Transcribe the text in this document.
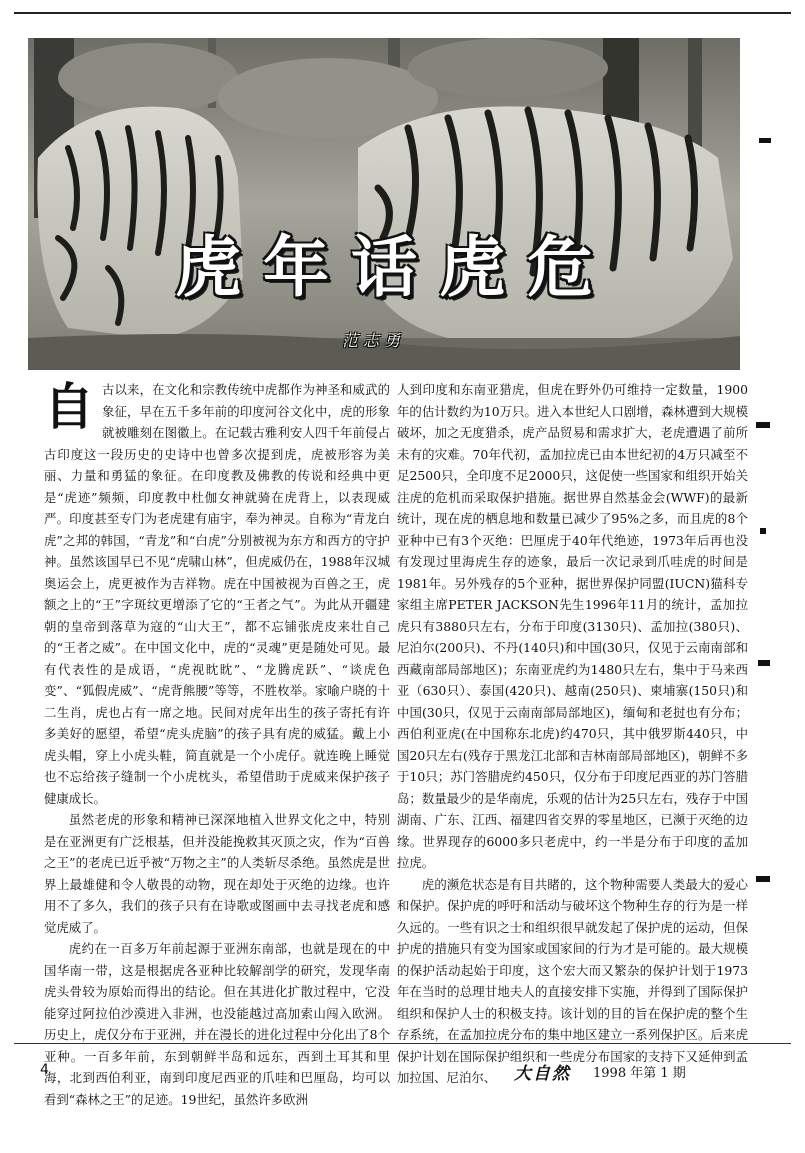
虎年话虎危
范志勇

自古以来，在文化和宗教传统中虎都作为神圣和威武的象征，早在五千多年前的印度河谷文化中，虎的形象就被雕刻在图徽上。在记载古雅利安人四千年前侵占古印度这一段历史的史诗中也曾多次提到虎，虎被形容为美丽、力量和勇猛的象征。在印度教及佛教的传说和经典中更是“虎迹”频频，印度教中杜伽女神就骑在虎背上，以表现威严。印度甚至专门为老虎建有庙宇，奉为神灵。自称为“青龙白虎”之邦的韩国，“青龙”和“白虎”分别被视为东方和西方的守护神。虽然该国早已不见“虎啸山林”，但虎威仍在，1988年汉城奥运会上，虎更被作为吉祥物。虎在中国被视为百兽之王，虎额之上的“王”字斑纹更增添了它的“王者之气”。为此从开疆建朝的皇帝到落草为寇的“山大王”，都不忘铺张虎皮来壮自己的“王者之威”。在中国文化中，虎的“灵魂”更是随处可见。最有代表性的是成语，“虎视眈眈”、“龙腾虎跃”、“谈虎色变”、“狐假虎威”、“虎背熊腰”等等，不胜枚举。家喻户晓的十二生肖，虎也占有一席之地。民间对虎年出生的孩子寄托有许多美好的愿望，希望“虎头虎脑”的孩子具有虎的威猛。戴上小虎头帽，穿上小虎头鞋，简直就是一个小虎仔。就连晚上睡觉也不忘给孩子缝制一个小虎枕头，希望借助于虎威来保护孩子健康成长。

虽然老虎的形象和精神已深深地植入世界文化之中，特别是在亚洲更有广泛根基，但并没能挽救其灭顶之灾，作为“百兽之王”的老虎已近乎被“万物之主”的人类斩尽杀绝。虽然虎是世界上最雄健和令人敬畏的动物，现在却处于灭绝的边缘。也许用不了多久，我们的孩子只有在诗歌或图画中去寻找老虎和感觉虎威了。

虎约在一百多万年前起源于亚洲东南部，也就是现在的中国华南一带，这是根据虎各亚种比较解剖学的研究，发现华南虎头骨较为原始而得出的结论。但在其进化扩散过程中，它没能穿过阿拉伯沙漠进入非洲，也没能越过高加索山闯入欧洲。历史上，虎仅分布于亚洲，并在漫长的进化过程中分化出了8个亚种。一百多年前，东到朝鲜半岛和远东，西到土耳其和里海，北到西伯利亚，南到印度尼西亚的爪哇和巴厘岛，均可以看到“森林之王”的足迹。19世纪，虽然许多欧洲

人到印度和东南亚猎虎，但虎在野外仍可维持一定数量，1900年的估计数约为10万只。进入本世纪人口剧增，森林遭到大规模破坏，加之无度猎杀，虎产品贸易和需求扩大，老虎遭遇了前所未有的灾难。70年代初，孟加拉虎已由本世纪初的4万只减至不足2500只，全印度不足2000只，这促使一些国家和组织开始关注虎的危机而采取保护措施。据世界自然基金会(WWF)的最新统计，现在虎的栖息地和数量已减少了95%之多，而且虎的8个亚种中已有3个灭绝：巴厘虎于40年代绝迹，1973年后再也没有发现过里海虎生存的迹象，最后一次记录到爪哇虎的时间是1981年。另外残存的5个亚种，据世界保护同盟(IUCN)猫科专家组主席PETER JACKSON先生1996年11月的统计，孟加拉虎只有3880只左右，分布于印度(3130只)、孟加拉(380只)、尼泊尔(200只)、不丹(140只)和中国(30只，仅见于云南南部和西藏南部局部地区)；东南亚虎约为1480只左右，集中于马来西亚（630只）、泰国(420只)、越南(250只)、柬埔寨(150只)和中国(30只，仅见于云南南部局部地区)，缅甸和老挝也有分布；西伯利亚虎(在中国称东北虎)约470只，其中俄罗斯440只，中国20只左右(残存于黑龙江北部和吉林南部局部地区)，朝鲜不多于10只；苏门答腊虎约450只，仅分布于印度尼西亚的苏门答腊岛；数量最少的是华南虎，乐观的估计为25只左右，残存于中国湖南、广东、江西、福建四省交界的零星地区，已濒于灭绝的边缘。世界现存的6000多只老虎中，约一半是分布于印度的孟加拉虎。

虎的濒危状态是有目共睹的，这个物种需要人类最大的爱心和保护。保护虎的呼吁和活动与破坏这个物种生存的行为是一样久远的。一些有识之士和组织很早就发起了保护虎的运动，但保护虎的措施只有变为国家或国家间的行为才是可能的。最大规模的保护活动起始于印度，这个宏大而又繁杂的保护计划于1973年在当时的总理甘地夫人的直接安排下实施，并得到了国际保护组织和保护人士的积极支持。该计划的目的旨在保护虎的整个生存系统，在孟加拉虎分布的集中地区建立一系列保护区。后来虎保护计划在国际保护组织和一些虎分布国家的支持下又延伸到孟加拉国、尼泊尔、

4	大自然 1998 年第 1 期
